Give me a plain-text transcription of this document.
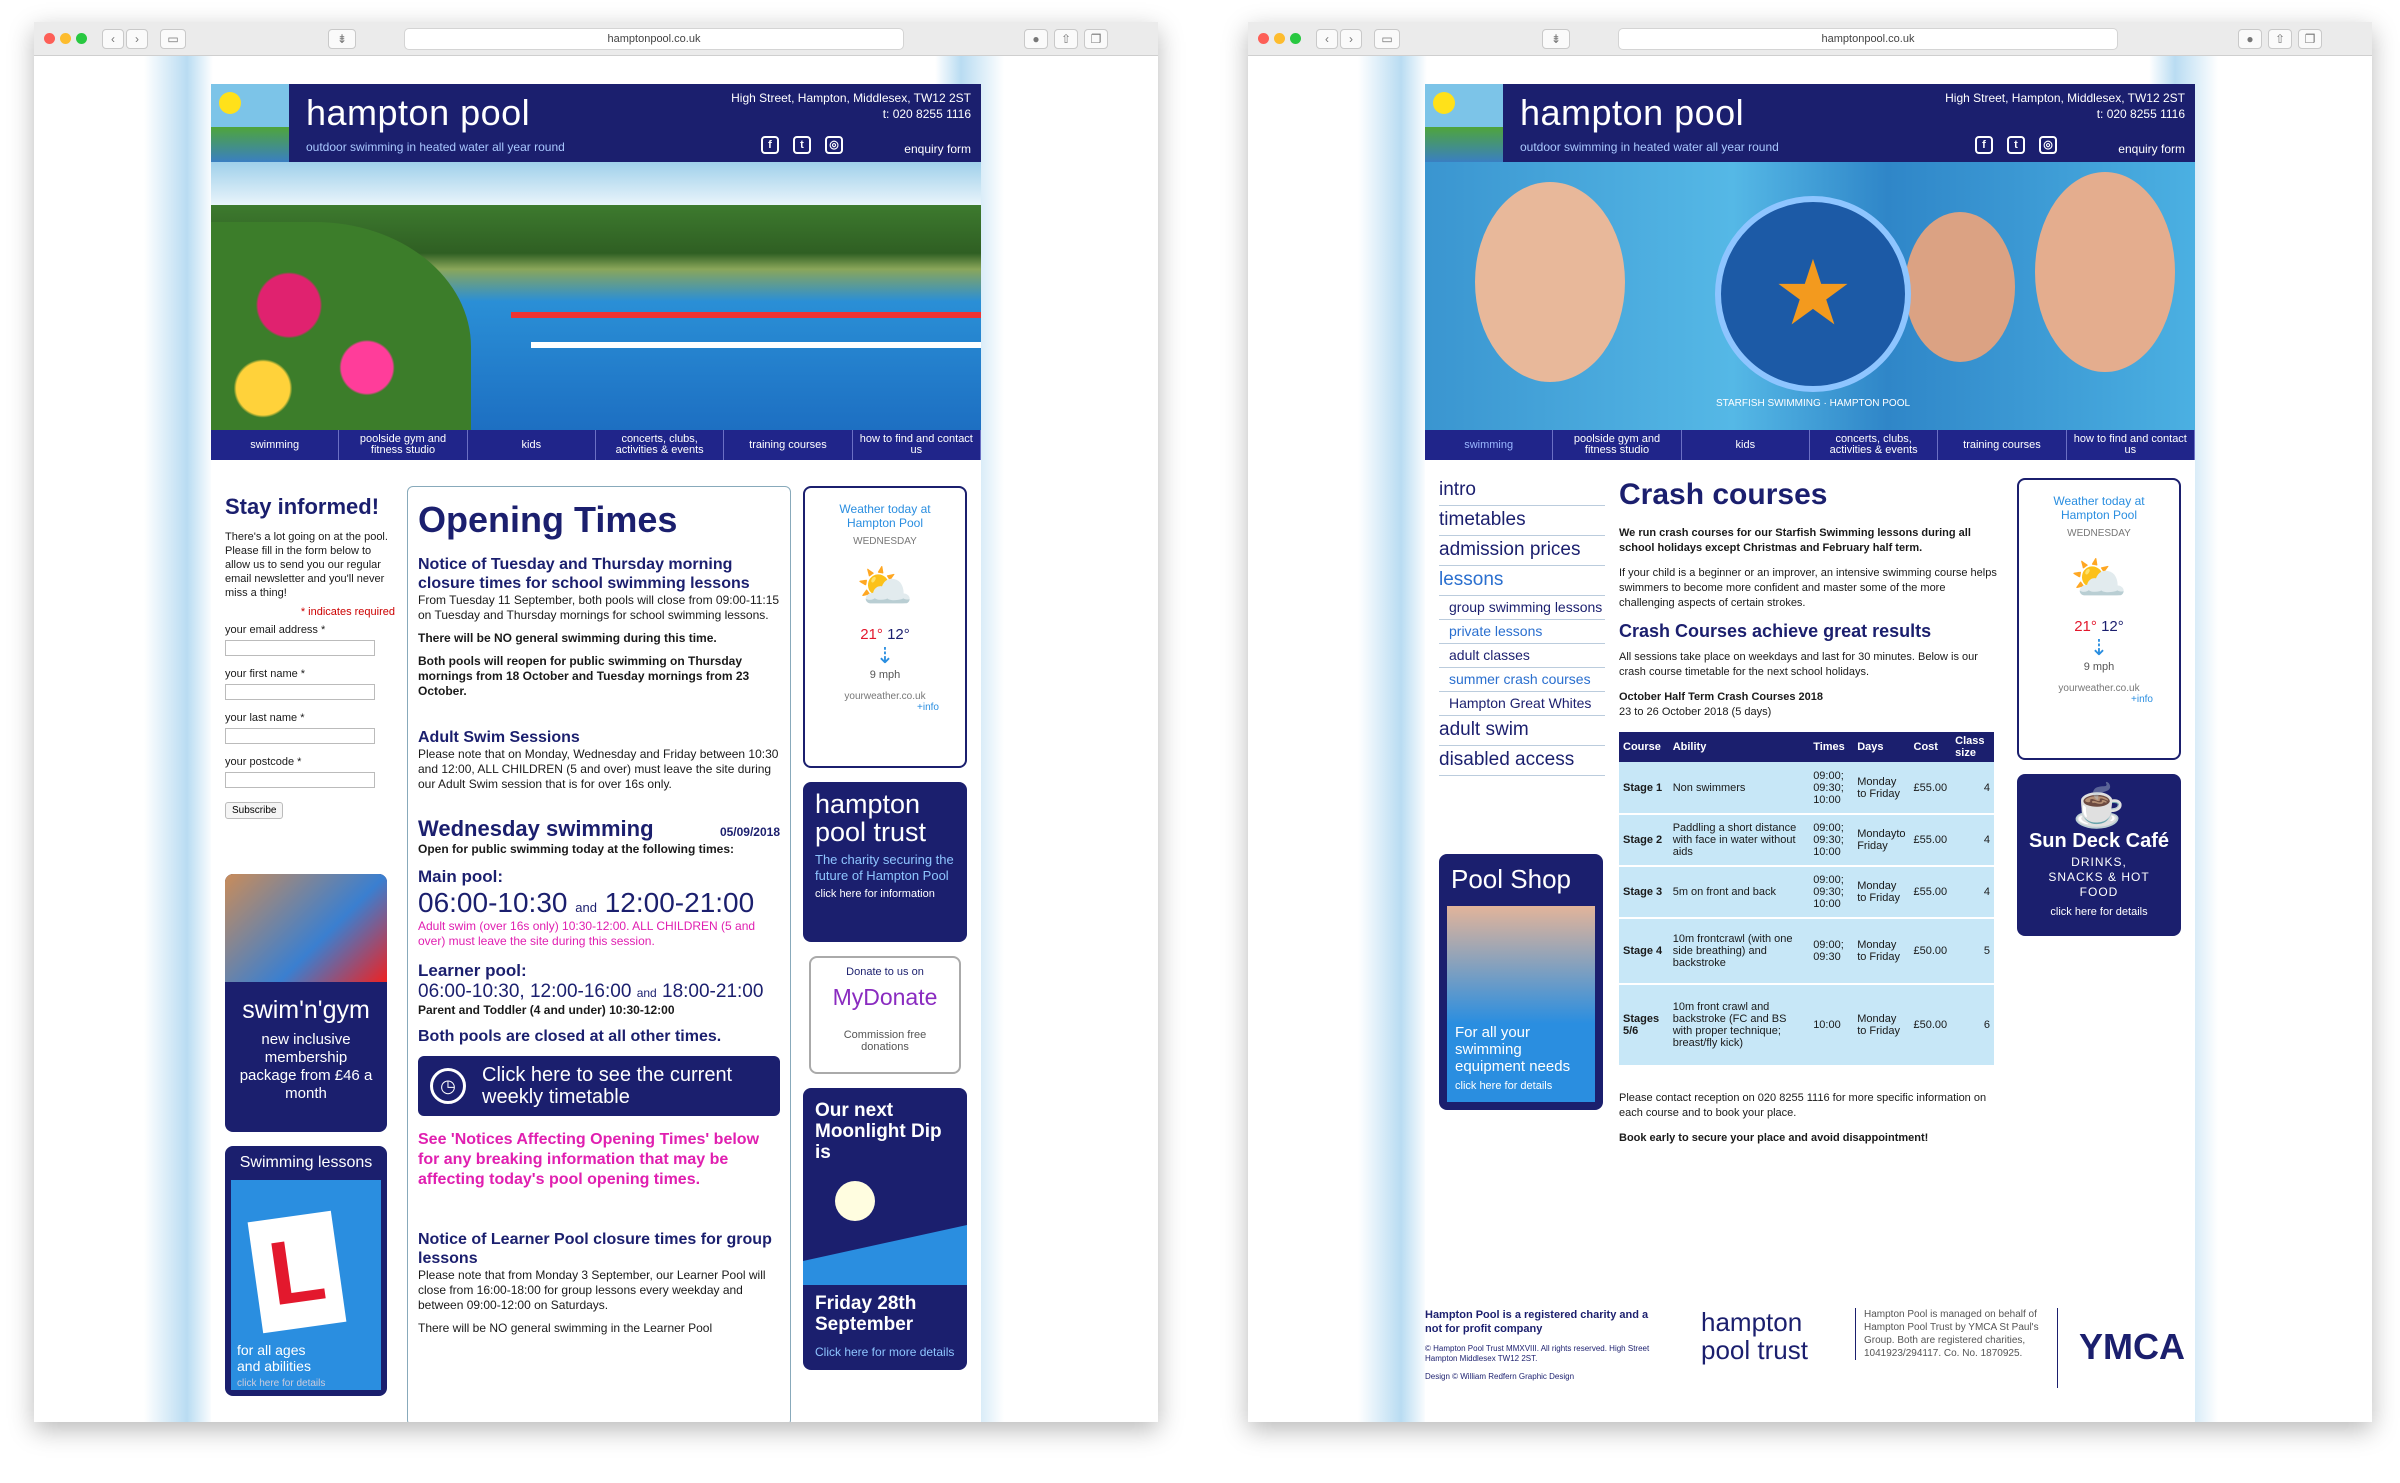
‹	›	▭	⇟	hamptonpool.co.uk	●	⇧	❐
hampton pool
outdoor swimming in heated water all year round
High Street, Hampton, Middlesex, TW12 2ST
t: 020 8255 1116
f	t	◎	enquiry form
swimming	poolside gym and fitness studio	kids	concerts, clubs, activities & events	training courses	how to find and contact us
Stay informed!

There's a lot going on at the pool. Please fill in the form below to allow us to send you our regular email newsletter and you'll never miss a thing!

* indicates required

your email address *

your first name *

your last name *

your postcode *

Subscribe
swim'n'gym
new inclusive membership package from £46 a month
Swimming lessons
L
for all ages and abilities
click here for details
Opening Times
Notice of Tuesday and Thursday morning closure times for school swimming lessons

From Tuesday 11 September, both pools will close from 09:00-11:15 on Tuesday and Thursday mornings for school swimming lessons.

There will be NO general swimming during this time.

Both pools will reopen for public swimming on Thursday mornings from 18 October and Tuesday mornings from 23 October.

Adult Swim Sessions

Please note that on Monday, Wednesday and Friday between 10:30 and 12:00, ALL CHILDREN (5 and over) must leave the site during our Adult Swim session that is for over 16s only.

Wednesday swimming	05/09/2018

Open for public swimming today at the following times:

Main pool:

06:00-10:30 and 12:00-21:00

Adult swim (over 16s only) 10:30-12:00. ALL CHILDREN (5 and over) must leave the site during this session.

Learner pool:

06:00-10:30, 12:00-16:00 and 18:00-21:00

Parent and Toddler (4 and under) 10:30-12:00

Both pools are closed at all other times.

◷	Click here to see the current weekly timetable

See 'Notices Affecting Opening Times' below for any breaking information that may be affecting today's pool opening times.

Notice of Learner Pool closure times for group lessons

Please note that from Monday 3 September, our Learner Pool will close from 16:00-18:00 for group lessons every weekday and between 09:00-12:00 on Saturdays.

There will be NO general swimming in the Learner Pool

Weather today at Hampton Pool
WEDNESDAY
⛅
21° 12°
⇣
9 mph
yourweather.co.uk
+info
hampton pool trust
The charity securing the future of Hampton Pool
click here for information
Donate to us on
MyDonate
Commission free donations
Our next Moonlight Dip is
Friday 28th September
Click here for more details
‹	›	▭	⇟	hamptonpool.co.uk	●	⇧	❐
hampton pool
outdoor swimming in heated water all year round
High Street, Hampton, Middlesex, TW12 2ST
t: 020 8255 1116
f	t	◎	enquiry form
★
STARFISH SWIMMING · HAMPTON POOL
swimming	poolside gym and fitness studio	kids	concerts, clubs, activities & events	training courses	how to find and contact us
intro
timetables
admission prices
lessons
group swimming lessons
private lessons
adult classes
summer crash courses
Hampton Great Whites
adult swim
disabled access
Pool Shop
For all your swimming equipment needs
click here for details
Crash courses

We run crash courses for our Starfish Swimming lessons during all school holidays except Christmas and February half term.

If your child is a beginner or an improver, an intensive swimming course helps swimmers to become more confident and master some of the more challenging aspects of certain strokes.

Crash Courses achieve great results

All sessions take place on weekdays and last for 30 minutes. Below is our crash course timetable for the next school holidays.

October Half Term Crash Courses 2018

23 to 26 October 2018 (5 days)

Course	Ability	Times	Days	Cost	Class size
Stage 1	Non swimmers	09:00; 09:30; 10:00	Monday to Friday	£55.00	4
Stage 2	Paddling a short distance with face in water without aids	09:00; 09:30; 10:00	Mondayto Friday	£55.00	4
Stage 3	5m on front and back	09:00; 09:30; 10:00	Monday to Friday	£55.00	4
Stage 4	10m frontcrawl (with one side breathing) and backstroke	09:00; 09:30	Monday to Friday	£50.00	5
Stages 5/6	10m front crawl and backstroke (FC and BS with proper technique; breast/fly kick)	10:00	Monday to Friday	£50.00	6

Please contact reception on 020 8255 1116 for more specific information on each course and to book your place.

Book early to secure your place and avoid disappointment!

Weather today at Hampton Pool
WEDNESDAY
⛅
21° 12°
⇣
9 mph
yourweather.co.uk
+info
☕
Sun Deck Café
DRINKS, SNACKS & HOT FOOD
click here for details

Hampton Pool is a registered charity and a not for profit company

© Hampton Pool Trust MMXVIII. All rights reserved. High Street Hampton Middlesex TW12 2ST.

Design © William Redfern Graphic Design

hampton pool trust
Hampton Pool is managed on behalf of Hampton Pool Trust by YMCA St Paul's Group. Both are registered charities, 1041923/294117. Co. No. 1870925.	YMCA
